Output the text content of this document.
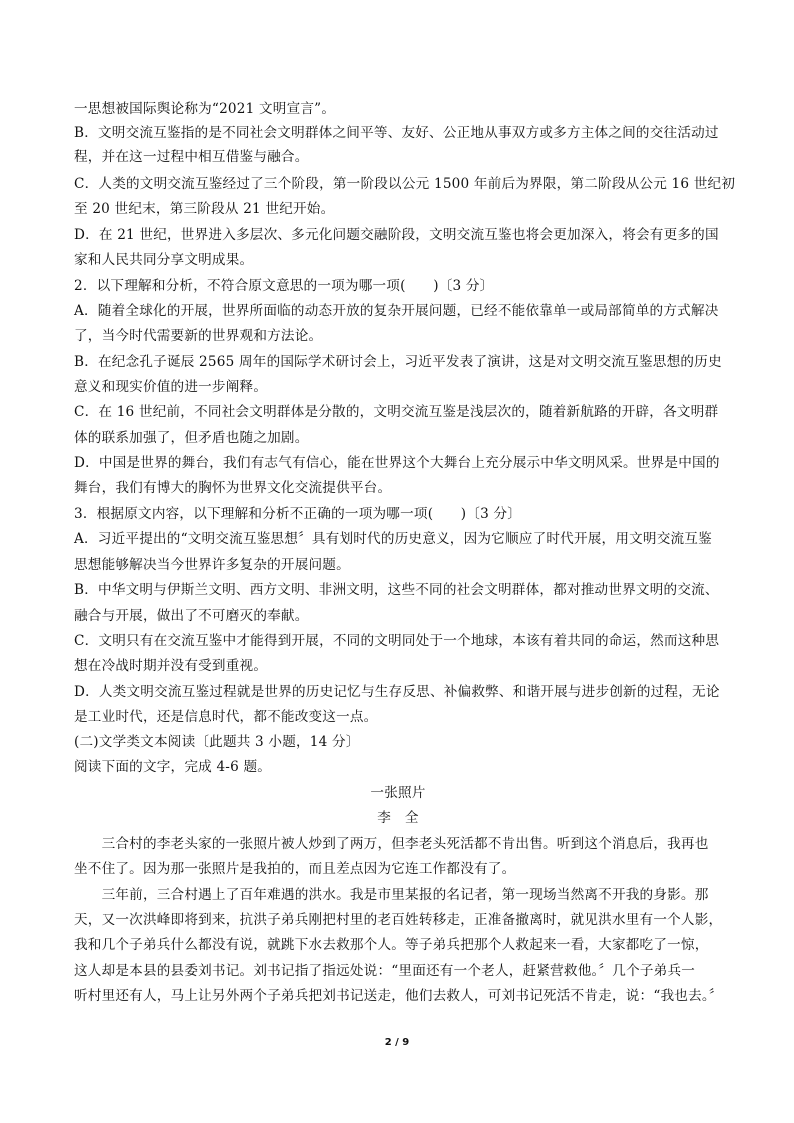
一思想被国际舆论称为“2021 文明宣言”。
B．文明交流互鉴指的是不同社会文明群体之间平等、友好、公正地从事双方或多方主体之间的交往活动过
程，并在这一过程中相互借鉴与融合。
C．人类的文明交流互鉴经过了三个阶段，第一阶段以公元 1500 年前后为界限，第二阶段从公元 16 世纪初
至 20 世纪末，第三阶段从 21 世纪开始。
D．在 21 世纪，世界进入多层次、多元化问题交融阶段，文明交流互鉴也将会更加深入，将会有更多的国
家和人民共同分享文明成果。
2．以下理解和分析，不符合原文意思的一项为哪一项(　　)〔3 分〕
A．随着全球化的开展，世界所面临的动态开放的复杂开展问题，已经不能依靠单一或局部简单的方式解决
了，当今时代需要新的世界观和方法论。
B．在纪念孔子诞辰 2565 周年的国际学术研讨会上，习近平发表了演讲，这是对文明交流互鉴思想的历史
意义和现实价值的进一步阐释。
C．在 16 世纪前，不同社会文明群体是分散的，文明交流互鉴是浅层次的，随着新航路的开辟，各文明群
体的联系加强了，但矛盾也随之加剧。
D．中国是世界的舞台，我们有志气有信心，能在世界这个大舞台上充分展示中华文明风采。世界是中国的
舞台，我们有博大的胸怀为世界文化交流提供平台。
3．根据原文内容，以下理解和分析不正确的一项为哪一项(　　)〔3 分〕
A．习近平提出的“文明交流互鉴思想〞具有划时代的历史意义，因为它顺应了时代开展，用文明交流互鉴
思想能够解决当今世界许多复杂的开展问题。
B．中华文明与伊斯兰文明、西方文明、非洲文明，这些不同的社会文明群体，都对推动世界文明的交流、
融合与开展，做出了不可磨灭的奉献。
C．文明只有在交流互鉴中才能得到开展，不同的文明同处于一个地球，本该有着共同的命运，然而这种思
想在冷战时期并没有受到重视。
D．人类文明交流互鉴过程就是世界的历史记忆与生存反思、补偏救弊、和谐开展与进步创新的过程，无论
是工业时代，还是信息时代，都不能改变这一点。
(二)文学类文本阅读〔此题共 3 小题，14 分〕
阅读下面的文字，完成 4-6 题。
一张照片
李　全
　　三合村的李老头家的一张照片被人炒到了两万，但李老头死活都不肯出售。听到这个消息后，我再也
坐不住了。因为那一张照片是我拍的，而且差点因为它连工作都没有了。
　　三年前，三合村遇上了百年难遇的洪水。我是市里某报的名记者，第一现场当然离不开我的身影。那
天，又一次洪峰即将到来，抗洪子弟兵刚把村里的老百姓转移走，正准备撤离时，就见洪水里有一个人影，
我和几个子弟兵什么都没有说，就跳下水去救那个人。等子弟兵把那个人救起来一看，大家都吃了一惊，
这人却是本县的县委刘书记。刘书记指了指远处说：“里面还有一个老人，赶紧营救他。〞几个子弟兵一
听村里还有人，马上让另外两个子弟兵把刘书记送走，他们去救人，可刘书记死活不肯走，说：“我也去。〞
2 / 9
